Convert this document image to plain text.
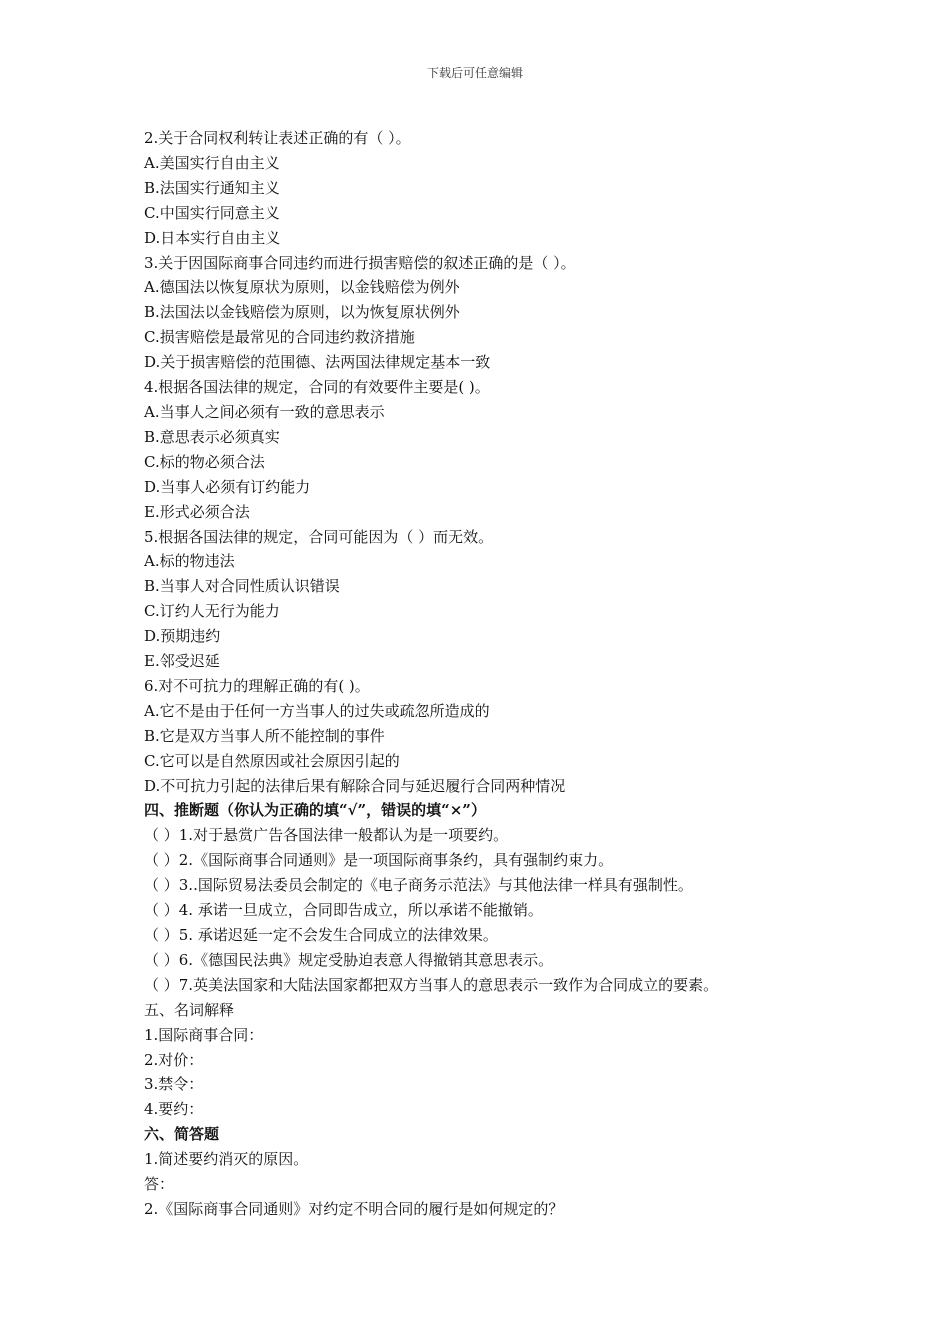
下载后可任意编辑

2.关于合同权利转让表述正确的有（ ）。

A.美国实行自由主义

B.法国实行通知主义

C.中国实行同意主义

D.日本实行自由主义

3.关于因国际商事合同违约而进行损害赔偿的叙述正确的是（ ）。

A.德国法以恢复原状为原则，以金钱赔偿为例外

B.法国法以金钱赔偿为原则，以为恢复原状例外

C.损害赔偿是最常见的合同违约救济措施

D.关于损害赔偿的范围德、法两国法律规定基本一致

4.根据各国法律的规定，合同的有效要件主要是( )。

A.当事人之间必须有一致的意思表示

B.意思表示必须真实

C.标的物必须合法

D.当事人必须有订约能力

E.形式必须合法

5.根据各国法律的规定，合同可能因为（ ）而无效。

A.标的物违法

B.当事人对合同性质认识错误

C.订约人无行为能力

D.预期违约

E.邻受迟延

6.对不可抗力的理解正确的有( )。

A.它不是由于任何一方当事人的过失或疏忽所造成的

B.它是双方当事人所不能控制的事件

C.它可以是自然原因或社会原因引起的

D.不可抗力引起的法律后果有解除合同与延迟履行合同两种情况

四、推断题（你认为正确的填“√”，错误的填“×”）

（ ）1.对于悬赏广告各国法律一般都认为是一项要约。

（ ）2.《国际商事合同通则》是一项国际商事条约，具有强制约束力。

（ ）3..国际贸易法委员会制定的《电子商务示范法》与其他法律一样具有强制性。

（ ）4. 承诺一旦成立，合同即告成立，所以承诺不能撤销。

（ ）5. 承诺迟延一定不会发生合同成立的法律效果。

（ ）6.《德国民法典》规定受胁迫表意人得撤销其意思表示。

（ ）7.英美法国家和大陆法国家都把双方当事人的意思表示一致作为合同成立的要素。

五、名词解释

1.国际商事合同：

2.对价：

3.禁令：

4.要约：

六、简答题

1.简述要约消灭的原因。

答：

2.《国际商事合同通则》对约定不明合同的履行是如何规定的？
